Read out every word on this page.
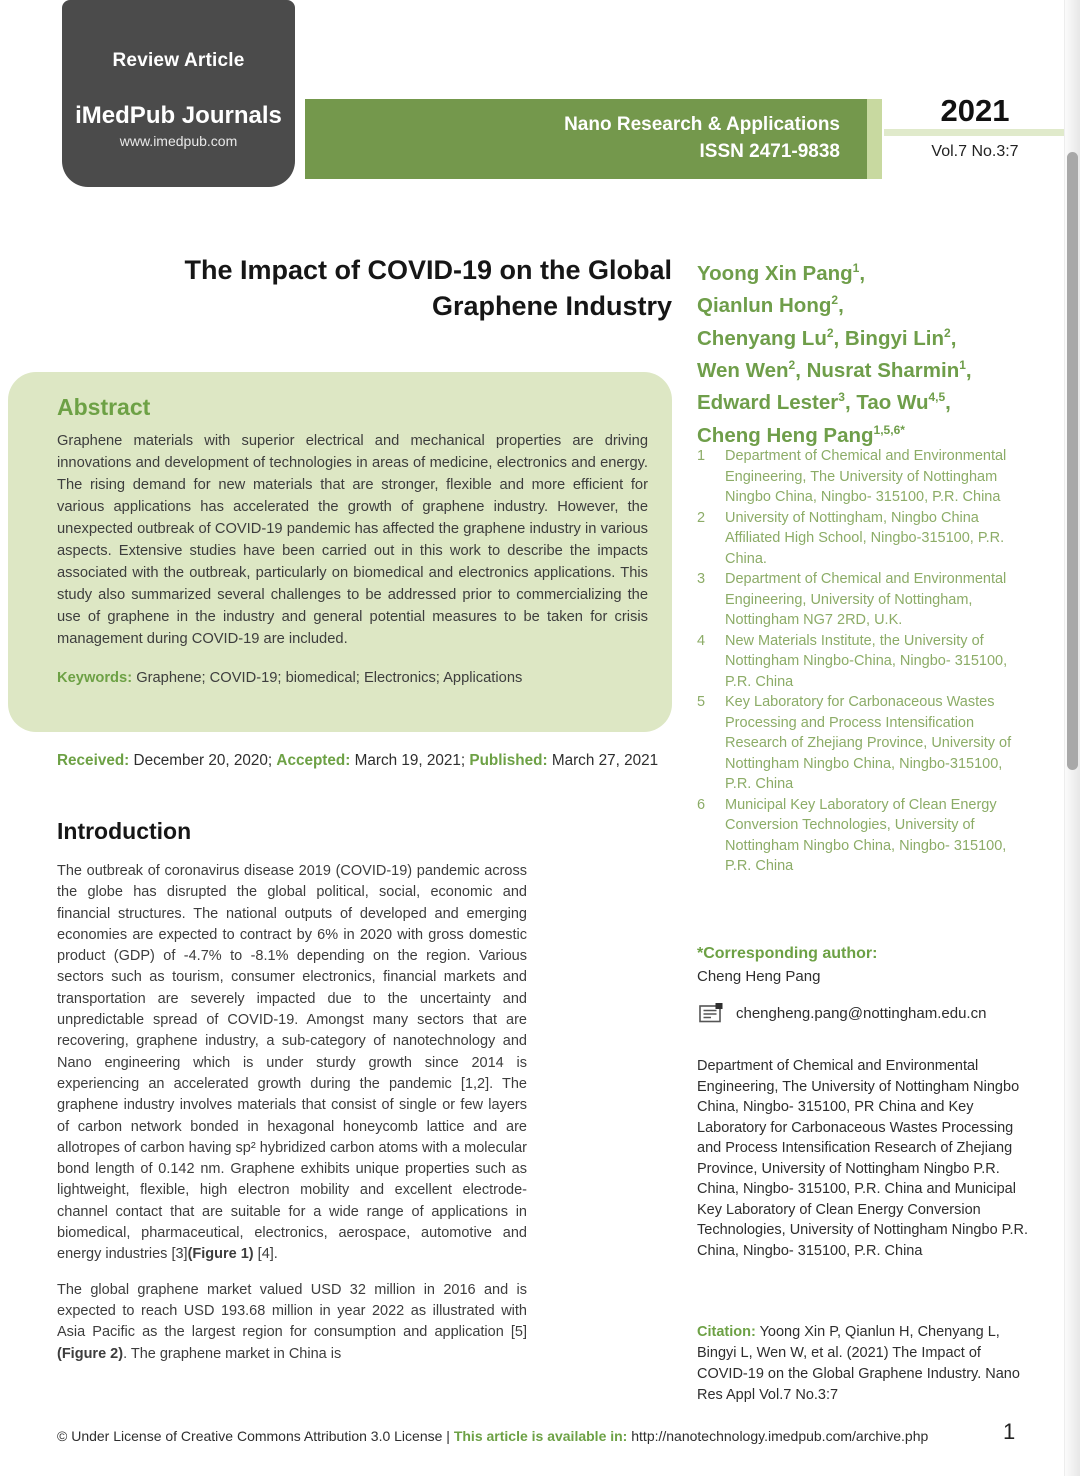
Review Article
iMedPub Journals
www.imedpub.com
Nano Research & Applications
ISSN 2471-9838
2021
Vol.7 No.3:7
The Impact of COVID-19 on the Global
Graphene Industry
Abstract
Graphene materials with superior electrical and mechanical properties are driving innovations and development of technologies in areas of medicine, electronics and energy. The rising demand for new materials that are stronger, flexible and more efficient for various applications has accelerated the growth of graphene industry. However, the unexpected outbreak of COVID-19 pandemic has affected the graphene industry in various aspects. Extensive studies have been carried out in this work to describe the impacts associated with the outbreak, particularly on biomedical and electronics applications. This study also summarized several challenges to be addressed prior to commercializing the use of graphene in the industry and general potential measures to be taken for crisis management during COVID-19 are included.
Keywords: Graphene; COVID-19; biomedical; Electronics; Applications
Received: December 20, 2020; Accepted: March 19, 2021; Published: March 27, 2021
Introduction

The outbreak of coronavirus disease 2019 (COVID-19) pandemic across the globe has disrupted the global political, social, economic and financial structures. The national outputs of developed and emerging economies are expected to contract by 6% in 2020 with gross domestic product (GDP) of -4.7% to -8.1% depending on the region. Various sectors such as tourism, consumer electronics, financial markets and transportation are severely impacted due to the uncertainty and unpredictable spread of COVID-19. Amongst many sectors that are recovering, graphene industry, a sub-category of nanotechnology and Nano engineering which is under sturdy growth since 2014 is experiencing an accelerated growth during the pandemic [1,2]. The graphene industry involves materials that consist of single or few layers of carbon network bonded in hexagonal honeycomb lattice and are allotropes of carbon having sp² hybridized carbon atoms with a molecular bond length of 0.142 nm. Graphene exhibits unique properties such as lightweight, flexible, high electron mobility and excellent electrode-channel contact that are suitable for a wide range of applications in biomedical, pharmaceutical, electronics, aerospace, automotive and energy industries [3](Figure 1) [4].

The global graphene market valued USD 32 million in 2016 and is expected to reach USD 193.68 million in year 2022 as illustrated with Asia Pacific as the largest region for consumption and application [5](Figure 2). The graphene market in China is

Yoong Xin Pang$^1$,
Qianlun Hong$^2$,
Chenyang Lu$^2$, Bingyi Lin$^2$,
Wen Wen$^2$, Nusrat Sharmin$^1$,
Edward Lester$^3$, Tao Wu$^{4,5}$,
Cheng Heng Pang$^{1,5,6*}$
1	Department of Chemical and Environmental Engineering, The University of Nottingham Ningbo China, Ningbo- 315100, P.R. China
2	University of Nottingham, Ningbo China Affiliated High School, Ningbo-315100, P.R. China.
3	Department of Chemical and Environmental Engineering, University of Nottingham, Nottingham NG7 2RD, U.K.
4	New Materials Institute, the University of Nottingham Ningbo-China, Ningbo- 315100, P.R. China
5	Key Laboratory for Carbonaceous Wastes Processing and Process Intensification Research of Zhejiang Province, University of Nottingham Ningbo China, Ningbo-315100, P.R. China
6	Municipal Key Laboratory of Clean Energy Conversion Technologies, University of Nottingham Ningbo China, Ningbo- 315100, P.R. China
*Corresponding author:
Cheng Heng Pang
chengheng.pang@nottingham.edu.cn
Department of Chemical and Environmental Engineering, The University of Nottingham Ningbo China, Ningbo- 315100, PR China and Key Laboratory for Carbonaceous Wastes Processing and Process Intensification Research of Zhejiang Province, University of Nottingham Ningbo P.R. China, Ningbo- 315100, P.R. China and Municipal Key Laboratory of Clean Energy Conversion Technologies, University of Nottingham Ningbo P.R. China, Ningbo- 315100, P.R. China
Citation: Yoong Xin P, Qianlun H, Chenyang L, Bingyi L, Wen W, et al. (2021) The Impact of COVID-19 on the Global Graphene Industry. Nano Res Appl Vol.7 No.3:7
© Under License of Creative Commons Attribution 3.0 License | This article is available in: http://nanotechnology.imedpub.com/archive.php	1
